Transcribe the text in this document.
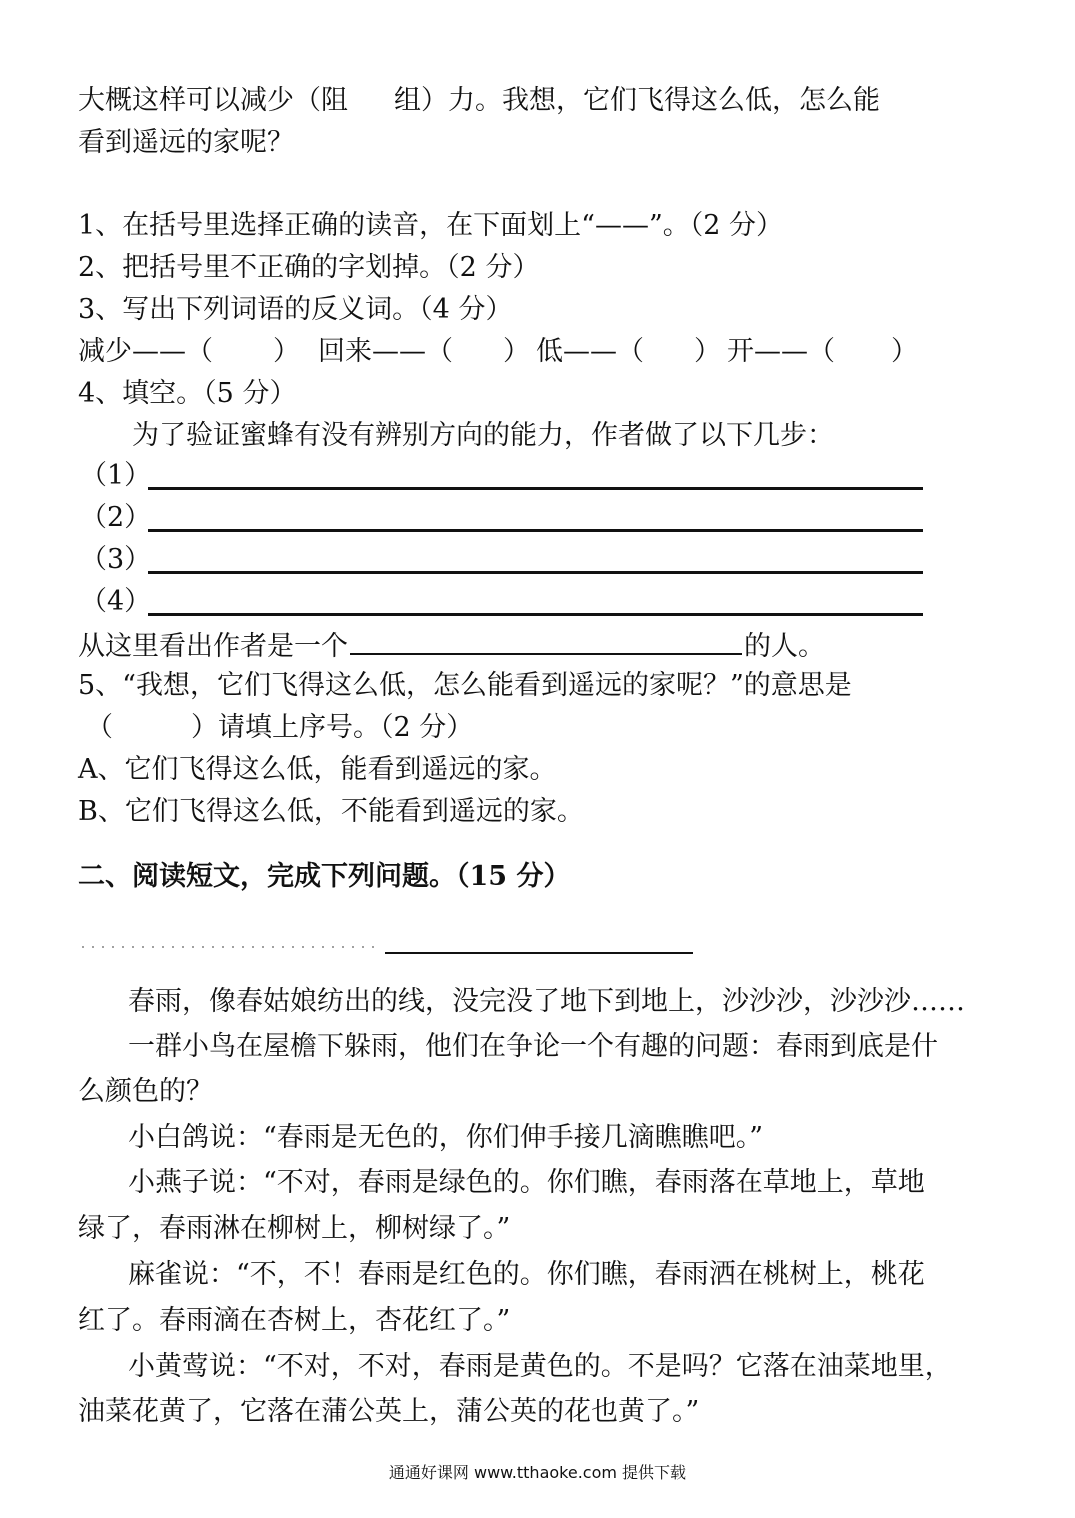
大概这样可以减少（阻 组）力。我想，它们飞得这么低，怎么能
看到遥远的家呢？
1、在括号里选择正确的读音，在下面划上“——”。（2 分）
2、把括号里不正确的字划掉。（2 分）
3、写出下列词语的反义词。（4 分）
减少——（ ） 回来——（ ） 低——（ ） 开——（ ）
4、填空。（5 分）
为了验证蜜蜂有没有辨别方向的能力，作者做了以下几步：
（1）
（2）
（3）
（4）
从这里看出作者是一个	的人。
5、“我想，它们飞得这么低，怎么能看到遥远的家呢？”的意思是
（	）请填上序号。（2 分）
A、它们飞得这么低，能看到遥远的家。
B、它们飞得这么低，不能看到遥远的家。
二、阅读短文，完成下列问题。（15 分）
春雨，像春姑娘纺出的线，没完没了地下到地上，沙沙沙，沙沙沙……
一群小鸟在屋檐下躲雨，他们在争论一个有趣的问题：春雨到底是什
么颜色的？
小白鸽说：“春雨是无色的，你们伸手接几滴瞧瞧吧。”
小燕子说：“不对，春雨是绿色的。你们瞧，春雨落在草地上，草地
绿了，春雨淋在柳树上，柳树绿了。”
麻雀说：“不，不！春雨是红色的。你们瞧，春雨洒在桃树上，桃花
红了。春雨滴在杏树上，杏花红了。”
小黄莺说：“不对，不对，春雨是黄色的。不是吗？它落在油菜地里，
油菜花黄了，它落在蒲公英上，蒲公英的花也黄了。”
通通好课网 www.tthaoke.com 提供下载
